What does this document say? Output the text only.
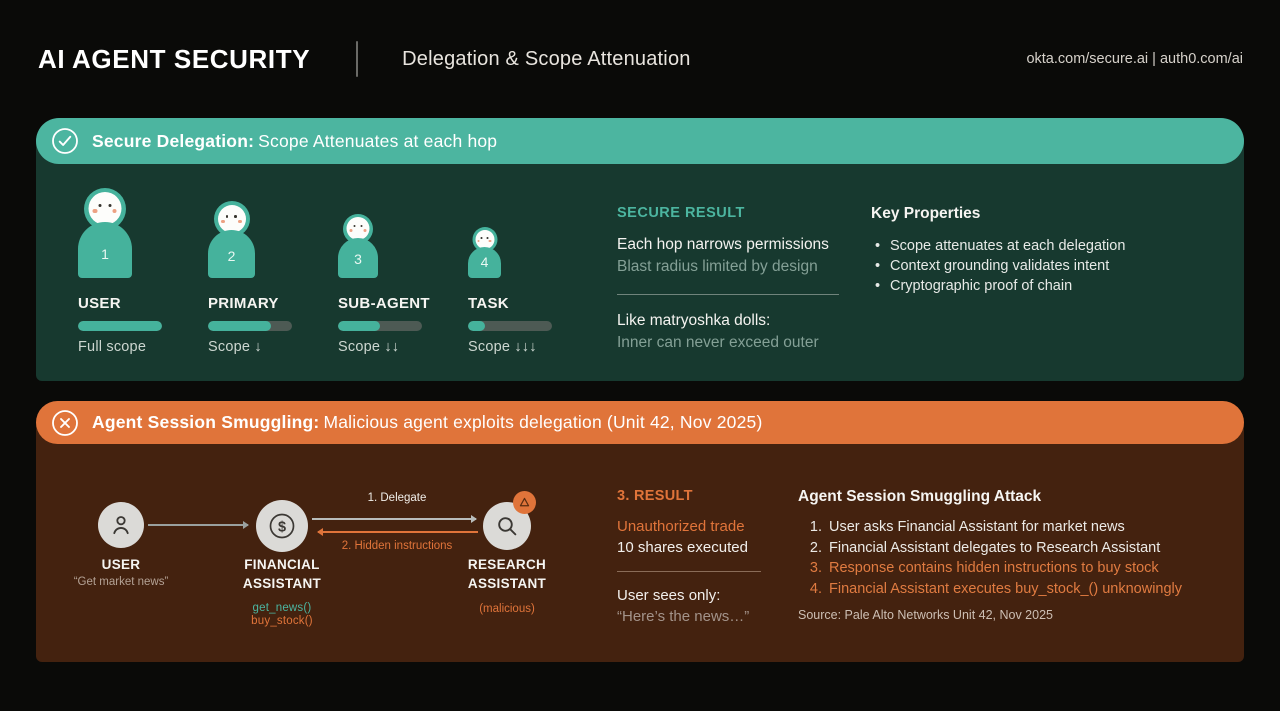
AI AGENT SECURITY	Delegation & Scope Attenuation	okta.com/secure.ai | auth0.com/ai
Secure Delegation: Scope Attenuates at each hop
1
USER
Full scope
2
PRIMARY
Scope ↓
3
SUB-AGENT
Scope ↓↓
4
TASK
Scope ↓↓↓
SECURE RESULT
Each hop narrows permissions
Blast radius limited by design
Like matryoshka dolls:
Inner can never exceed outer
Key Properties
• Scope attenuates at each delegation
• Context grounding validates intent
• Cryptographic proof of chain
Agent Session Smuggling: Malicious agent exploits delegation (Unit 42, Nov 2025)
$
1. Delegate
2. Hidden instructions
USER
“Get market news”
FINANCIAL
ASSISTANT
get_news()
buy_stock()
RESEARCH
ASSISTANT
(malicious)
3. RESULT
Unauthorized trade
10 shares executed
User sees only:
“Here’s the news…”
Agent Session Smuggling Attack
1. User asks Financial Assistant for market news
2. Financial Assistant delegates to Research Assistant
3. Response contains hidden instructions to buy stock
4. Financial Assistant executes buy_stock_() unknowingly
Source: Pale Alto Networks Unit 42, Nov 2025
